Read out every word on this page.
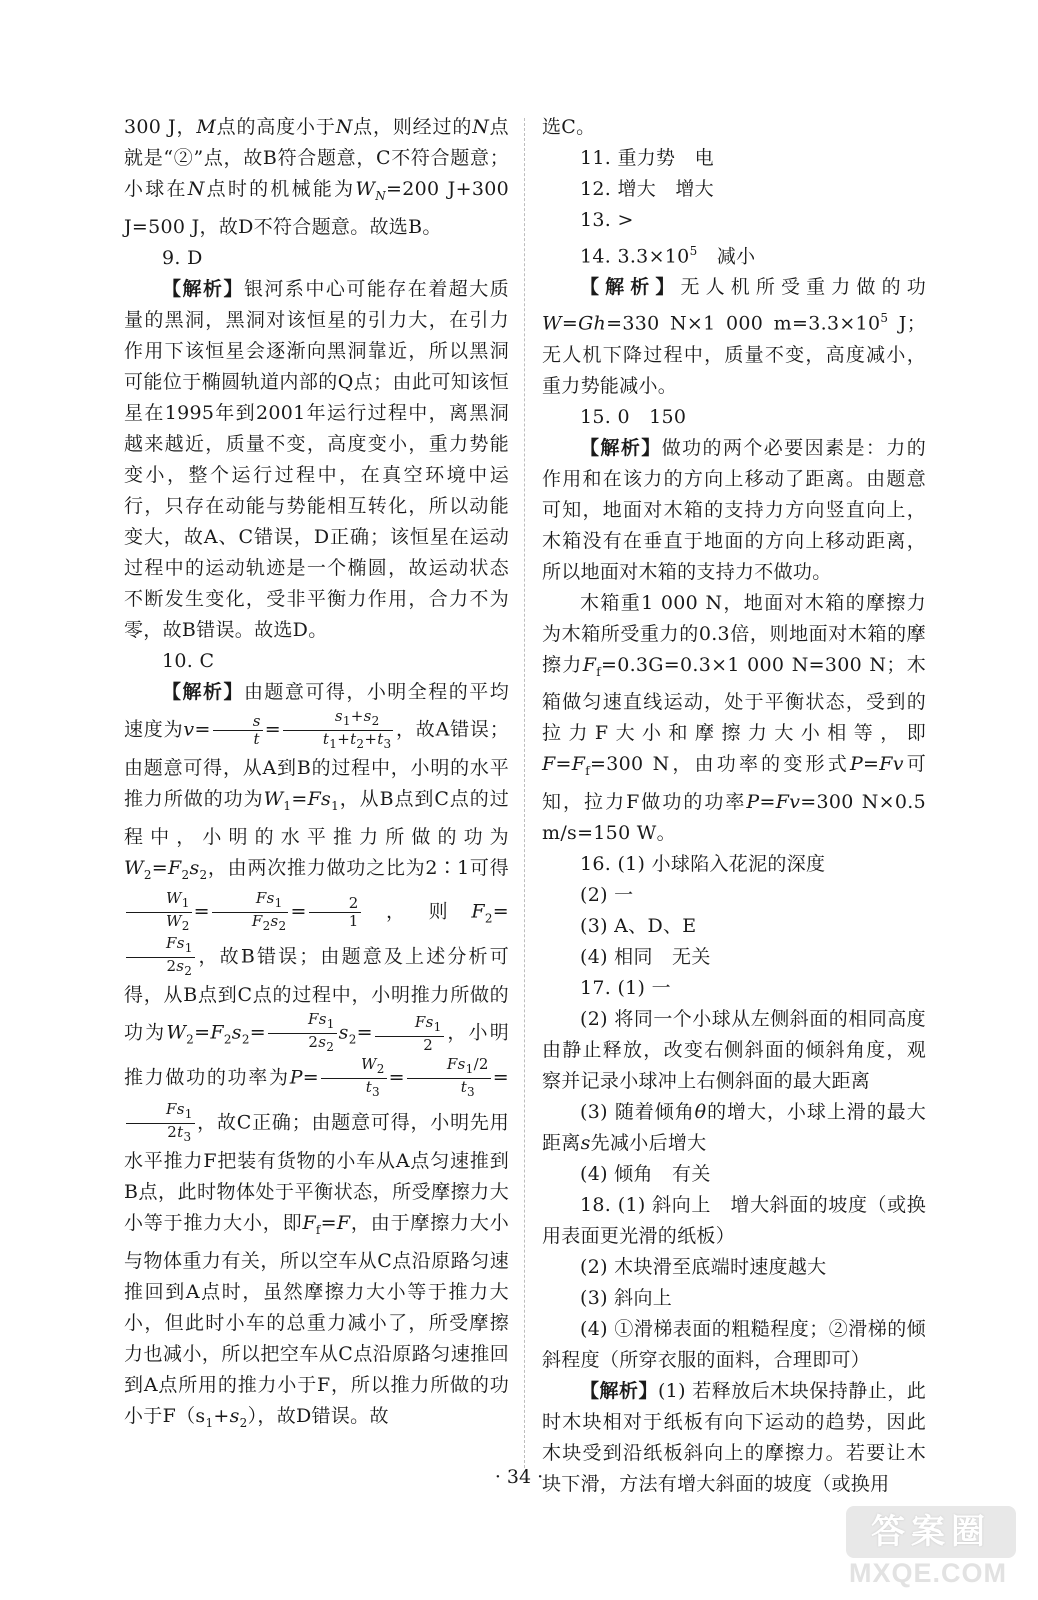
300 J，M点的高度小于N点，则经过的N点就是“②”点，故B符合题意，C不符合题意；小球在N点时的机械能为$W_N=200$ J+300 J=500 J，故D不符合题意。故选B。

9. D

【解析】银河系中心可能存在着超大质量的黑洞，黑洞对该恒星的引力大，在引力作用下该恒星会逐渐向黑洞靠近，所以黑洞可能位于椭圆轨道内部的Q点；由此可知该恒星在1995年到2001年运行过程中，离黑洞越来越近，质量不变，高度变小，重力势能变小，整个运行过程中，在真空环境中运行，只存在动能与势能相互转化，所以动能变大，故A、C错误，D正确；该恒星在运动过程中的运动轨迹是一个椭圆，故运动状态不断发生变化，受非平衡力作用，合力不为零，故B错误。故选D。

10. C

【解析】由题意可得，小明全程的平均速度为$v= \frac{s}{t} = \frac{s_1+s_2}{t_1+t_2+t_3}$ ，故A错误；由题意可得，从A到B的过程中，小明的水平推力所做的功为$W_1=Fs_1$，从B点到C点的过程中，小明的水平推力所做的功为$W_2=F_2s_2$，由两次推力做功之比为2∶1可得
$\frac{W_1}{W_2} = \frac{Fs_1}{F_2s_2} = \frac{2}{1}$ ，则$F_2=$
$\frac{Fs_1}{2s_2}$ ，故B错误；由题意及上述分析可得，从B点到C点的过程中，小明推力所做的功为$W_2=F_2s_2= \frac{Fs_1}{2s_2} s_2= \frac{Fs_1}{2}$ ，小明推力做功的功率为$P= \frac{W_2}{t_3} = \frac{Fs_1/2}{t_3}$ =
$\frac{Fs_1}{2t_3}$ ，故C正确；由题意可得，小明先用水平推力F把装有货物的小车从A点匀速推到B点，此时物体处于平衡状态，所受摩擦力大小等于推力大小，即$F_f=F$，由于摩擦力大小与物体重力有关，所以空车从C点沿原路匀速推回到A点时，虽然摩擦力大小等于推力大小，但此时小车的总重力减小了，所受摩擦力也减小，所以把空车从C点沿原路匀速推回到A点所用的推力小于F，所以推力所做的功小于$F(s_1+s_2)$，故D错误。故

选C。

11. 重力势　电

12. 增大　增大

13. >

14. $3.3\times 10^5$　减小

【解析】无人机所受重力做的功W=Gh=330 N×1 000 $m=3.3\times 10^5$ J；无人机下降过程中，质量不变，高度减小，重力势能减小。

15. 0　150

【解析】做功的两个必要因素是：力的作用和在该力的方向上移动了距离。由题意可知，地面对木箱的支持力方向竖直向上，木箱没有在垂直于地面的方向上移动距离，所以地面对木箱的支持力不做功。

木箱重1 000 N，地面对木箱的摩擦力为木箱所受重力的0.3倍，则地面对木箱的摩擦力$F_f=0.3G=0.3\times 1$ 000 N=300 N；木箱做匀速直线运动，处于平衡状态，受到的拉力F大小和摩擦力大小相等，即$F=F_f=300$ N，由功率的变形式P=Fv可知，拉力F做功的功率P=Fv=300 N×0.5 m/s=150 W。

16. (1) 小球陷入花泥的深度

(2) 一

(3) A、D、E

(4) 相同　无关

17. (1) 一

(2) 将同一个小球从左侧斜面的相同高度由静止释放，改变右侧斜面的倾斜角度，观察并记录小球冲上右侧斜面的最大距离

(3) 随着倾角θ的增大，小球上滑的最大距离s先减小后增大

(4) 倾角　有关

18. (1) 斜向上　增大斜面的坡度（或换用表面更光滑的纸板）

(2) 木块滑至底端时速度越大

(3) 斜向上

(4) ①滑梯表面的粗糙程度；②滑梯的倾斜程度（所穿衣服的面料，合理即可）

【解析】(1) 若释放后木块保持静止，此时木块相对于纸板有向下运动的趋势，因此木块受到沿纸板斜向上的摩擦力。若要让木块下滑，方法有增大斜面的坡度（或换用

· 34 ·
答案圈
MXQE.COM
